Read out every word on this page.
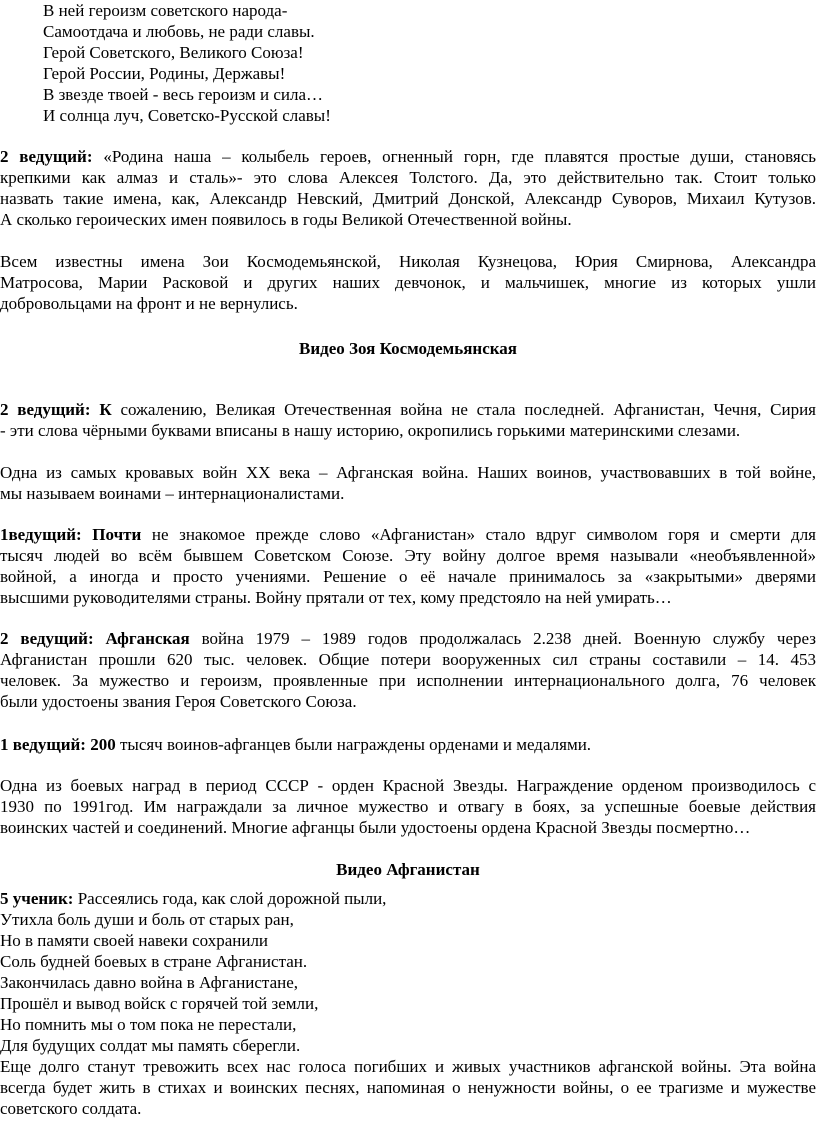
В ней героизм советского народа-
Самоотдача и любовь, не ради славы.
Герой Советского, Великого Союза!
Герой России, Родины, Державы!
В звезде твоей - весь героизм и сила…
И солнца луч, Советско-Русской славы!
2 ведущий: «Родина наша – колыбель героев, огненный горн, где плавятся простые души, становясь
крепкими как алмаз и сталь»- это слова Алексея Толстого. Да, это действительно так. Стоит только
назвать такие имена, как, Александр Невский, Дмитрий Донской, Александр Суворов, Михаил Кутузов.
А сколько героических имен появилось в годы Великой Отечественной войны.
Всем известны имена Зои Космодемьянской, Николая Кузнецова, Юрия Смирнова, Александра
Матросова, Марии Расковой и других наших девчонок, и мальчишек, многие из которых ушли
добровольцами на фронт и не вернулись.
Видео Зоя Космодемьянская
2 ведущий: К сожалению, Великая Отечественная война не стала последней. Афганистан, Чечня, Сирия
- эти слова чёрными буквами вписаны в нашу историю, окропились горькими материнскими слезами.
Одна из самых кровавых войн XX века – Афганская война. Наших воинов, участвовавших в той войне,
мы называем воинами – интернационалистами.
1ведущий: Почти не знакомое прежде слово «Афганистан» стало вдруг символом горя и смерти для
тысяч людей во всём бывшем Советском Союзе. Эту войну долгое время называли «необъявленной»
войной, а иногда и просто учениями. Решение о её начале принималось за «закрытыми» дверями
высшими руководителями страны. Войну прятали от тех, кому предстояло на ней умирать…
2 ведущий: Афганская война 1979 – 1989 годов продолжалась 2.238 дней. Военную службу через
Афганистан прошли 620 тыс. человек. Общие потери вооруженных сил страны составили – 14. 453
человек. За мужество и героизм, проявленные при исполнении интернационального долга, 76 человек
были удостоены звания Героя Советского Союза.
1 ведущий: 200 тысяч воинов-афганцев были награждены орденами и медалями.
Одна из боевых наград в период СССР - орден Красной Звезды. Награждение орденом производилось с
1930 по 1991год. Им награждали за личное мужество и отвагу в боях, за успешные боевые действия
воинских частей и соединений. Многие афганцы были удостоены ордена Красной Звезды посмертно…
Видео Афганистан
5 ученик: Рассеялись года, как слой дорожной пыли,
Утихла боль души и боль от старых ран,
Но в памяти своей навеки сохранили
Соль будней боевых в стране Афганистан.
Закончилась давно война в Афганистане,
Прошёл и вывод войск с горячей той земли,
Но помнить мы о том пока не перестали,
Для будущих солдат мы память сберегли.
Еще долго станут тревожить всех нас голоса погибших и живых участников афганской войны. Эта война
всегда будет жить в стихах и воинских песнях, напоминая о ненужности войны, о ее трагизме и мужестве
советского солдата.
